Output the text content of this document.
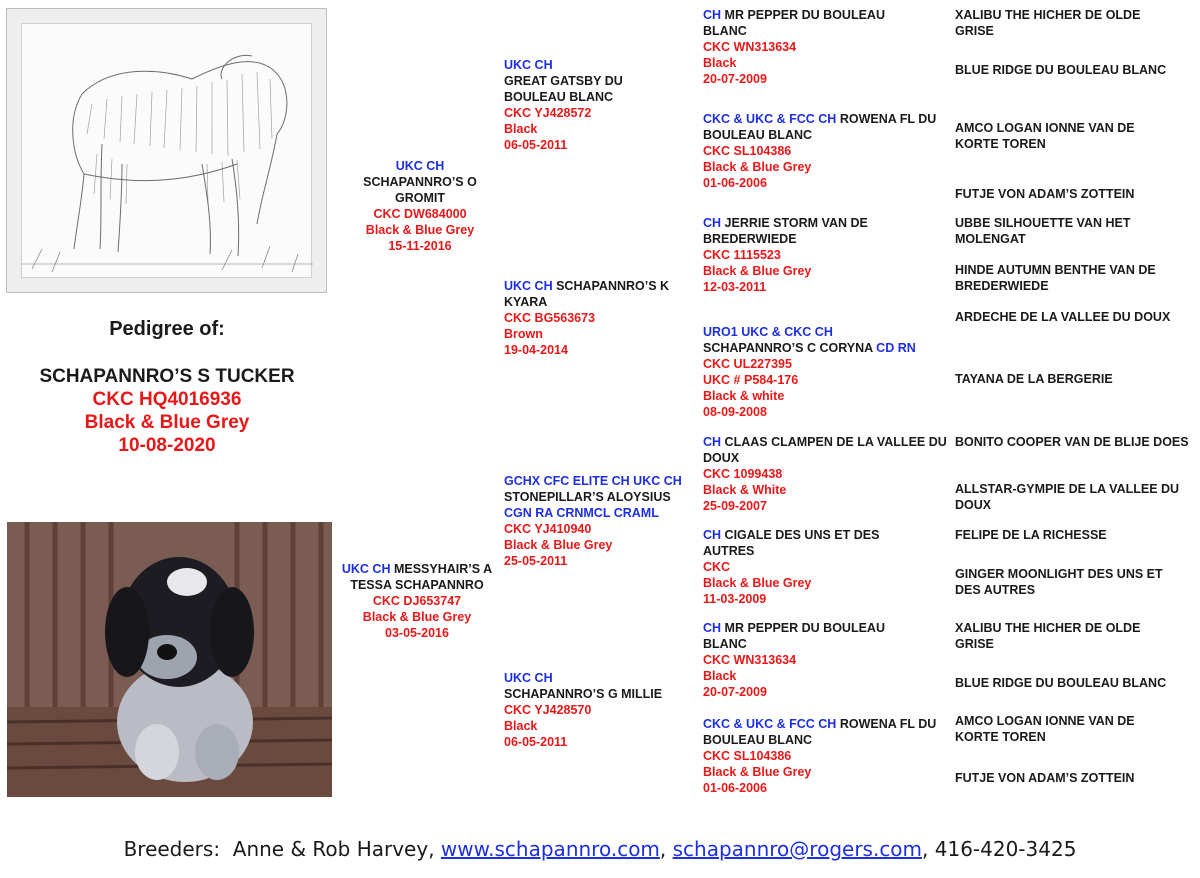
Pedigree of:
SCHAPANNRO’S S TUCKER
CKC HQ4016936
Black & Blue Grey
10-08-2020
UKC CH
SCHAPANNRO’S O GROMIT
CKC DW684000
Black & Blue Grey
15-11-2016
UKC CH MESSYHAIR’S A TESSA SCHAPANNRO
CKC DJ653747
Black & Blue Grey
03-05-2016
UKC CH
GREAT GATSBY DU BOULEAU BLANC
CKC YJ428572
Black
06-05-2011
UKC CH SCHAPANNRO’S K KYARA
CKC BG563673
Brown
19-04-2014
GCHX CFC ELITE CH UKC CH
STONEPILLAR’S ALOYSIUS
CGN RA CRNMCL CRAML
CKC YJ410940
Black & Blue Grey
25-05-2011
UKC CH
SCHAPANNRO’S G MILLIE
CKC YJ428570
Black
06-05-2011
CH MR PEPPER DU BOULEAU BLANC
CKC WN313634
Black
20-07-2009
CKC & UKC & FCC CH ROWENA FL DU BOULEAU BLANC
CKC SL104386
Black & Blue Grey
01-06-2006
CH JERRIE STORM VAN DE BREDERWIEDE
CKC 1115523
Black & Blue Grey
12-03-2011
URO1 UKC & CKC CH
SCHAPANNRO’S C CORYNA CD RN
CKC UL227395
UKC # P584-176
Black & white
08-09-2008
CH CLAAS CLAMPEN DE LA VALLEE DU DOUX
CKC 1099438
Black & White
25-09-2007
CH CIGALE DES UNS ET DES AUTRES
CKC
Black & Blue Grey
11-03-2009
CH MR PEPPER DU BOULEAU BLANC
CKC WN313634
Black
20-07-2009
CKC & UKC & FCC CH ROWENA FL DU BOULEAU BLANC
CKC SL104386
Black & Blue Grey
01-06-2006
XALIBU THE HICHER DE OLDE GRISE
BLUE RIDGE DU BOULEAU BLANC
AMCO LOGAN IONNE VAN DE KORTE TOREN
FUTJE VON ADAM’S ZOTTEIN
UBBE SILHOUETTE VAN HET MOLENGAT
HINDE AUTUMN BENTHE VAN DE BREDERWIEDE
ARDECHE DE LA VALLEE DU DOUX
TAYANA DE LA BERGERIE
BONITO COOPER VAN DE BLIJE DOES
ALLSTAR-GYMPIE DE LA VALLEE DU DOUX
FELIPE DE LA RICHESSE
GINGER MOONLIGHT DES UNS ET DES AUTRES
XALIBU THE HICHER DE OLDE GRISE
BLUE RIDGE DU BOULEAU BLANC
AMCO LOGAN IONNE VAN DE KORTE TOREN
FUTJE VON ADAM’S ZOTTEIN
Breeders:  Anne & Rob Harvey, www.schapannro.com, schapannro@rogers.com, 416-420-3425
